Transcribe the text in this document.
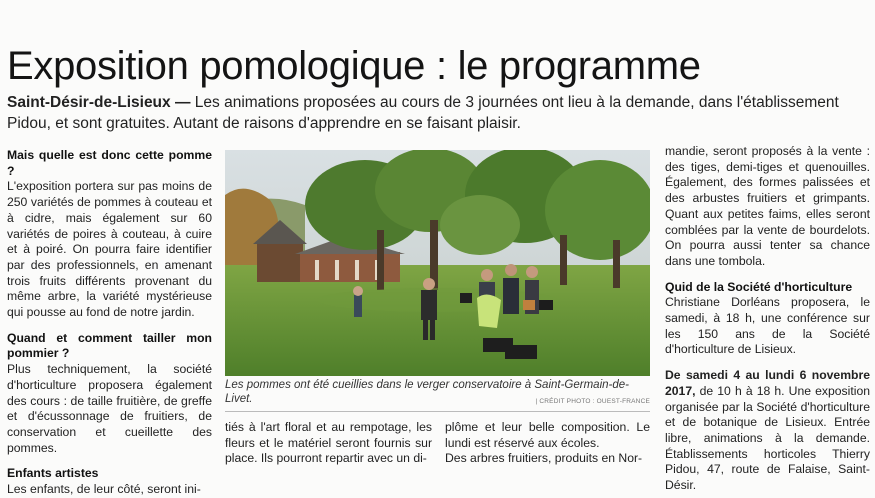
Exposition pomologique : le programme
Saint-Désir-de-Lisieux — Les animations proposées au cours de 3 journées ont lieu à la demande, dans l'établissement Pidou, et sont gratuites. Autant de raisons d'apprendre en se faisant plaisir.
Mais quelle est donc cette pomme ?

L'exposition portera sur pas moins de 250 variétés de pommes à couteau et à cidre, mais également sur 60 variétés de poires à couteau, à cuire et à poiré. On pourra faire identifier par des professionnels, en amenant trois fruits différents provenant du même arbre, la variété mystérieuse qui pousse au fond de notre jardin.

Quand et comment tailler mon pommier ?

Plus techniquement, la société d'horticulture proposera également des cours : de taille fruitière, de greffe et d'écussonnage de fruitiers, de conservation et cueillette des pommes.

Enfants artistes

Les enfants, de leur côté, seront ini-

Les pommes ont été cueillies dans le verger conservatoire à Saint-Germain-de-Livet.	| CRÉDIT PHOTO : OUEST-FRANCE

tiés à l'art floral et au rempotage, les fleurs et le matériel seront fournis sur place. Ils pourront repartir avec un di-

plôme et leur belle composition. Le lundi est réservé aux écoles.

Des arbres fruitiers, produits en Nor-

mandie, seront proposés à la vente : des tiges, demi-tiges et quenouilles. Également, des formes palissées et des arbustes fruitiers et grimpants. Quant aux petites faims, elles seront comblées par la vente de bourdelots. On pourra aussi tenter sa chance dans une tombola.

Quid de la Société d'horticulture

Christiane Dorléans proposera, le samedi, à 18 h, une conférence sur les 150 ans de la Société d'horticulture de Lisieux.

De samedi 4 au lundi 6 novembre 2017, de 10 h à 18 h. Une exposition organisée par la Société d'horticulture et de botanique de Lisieux. Entrée libre, animations à la demande. Établissements horticoles Thierry Pidou, 47, route de Falaise, Saint-Désir.
